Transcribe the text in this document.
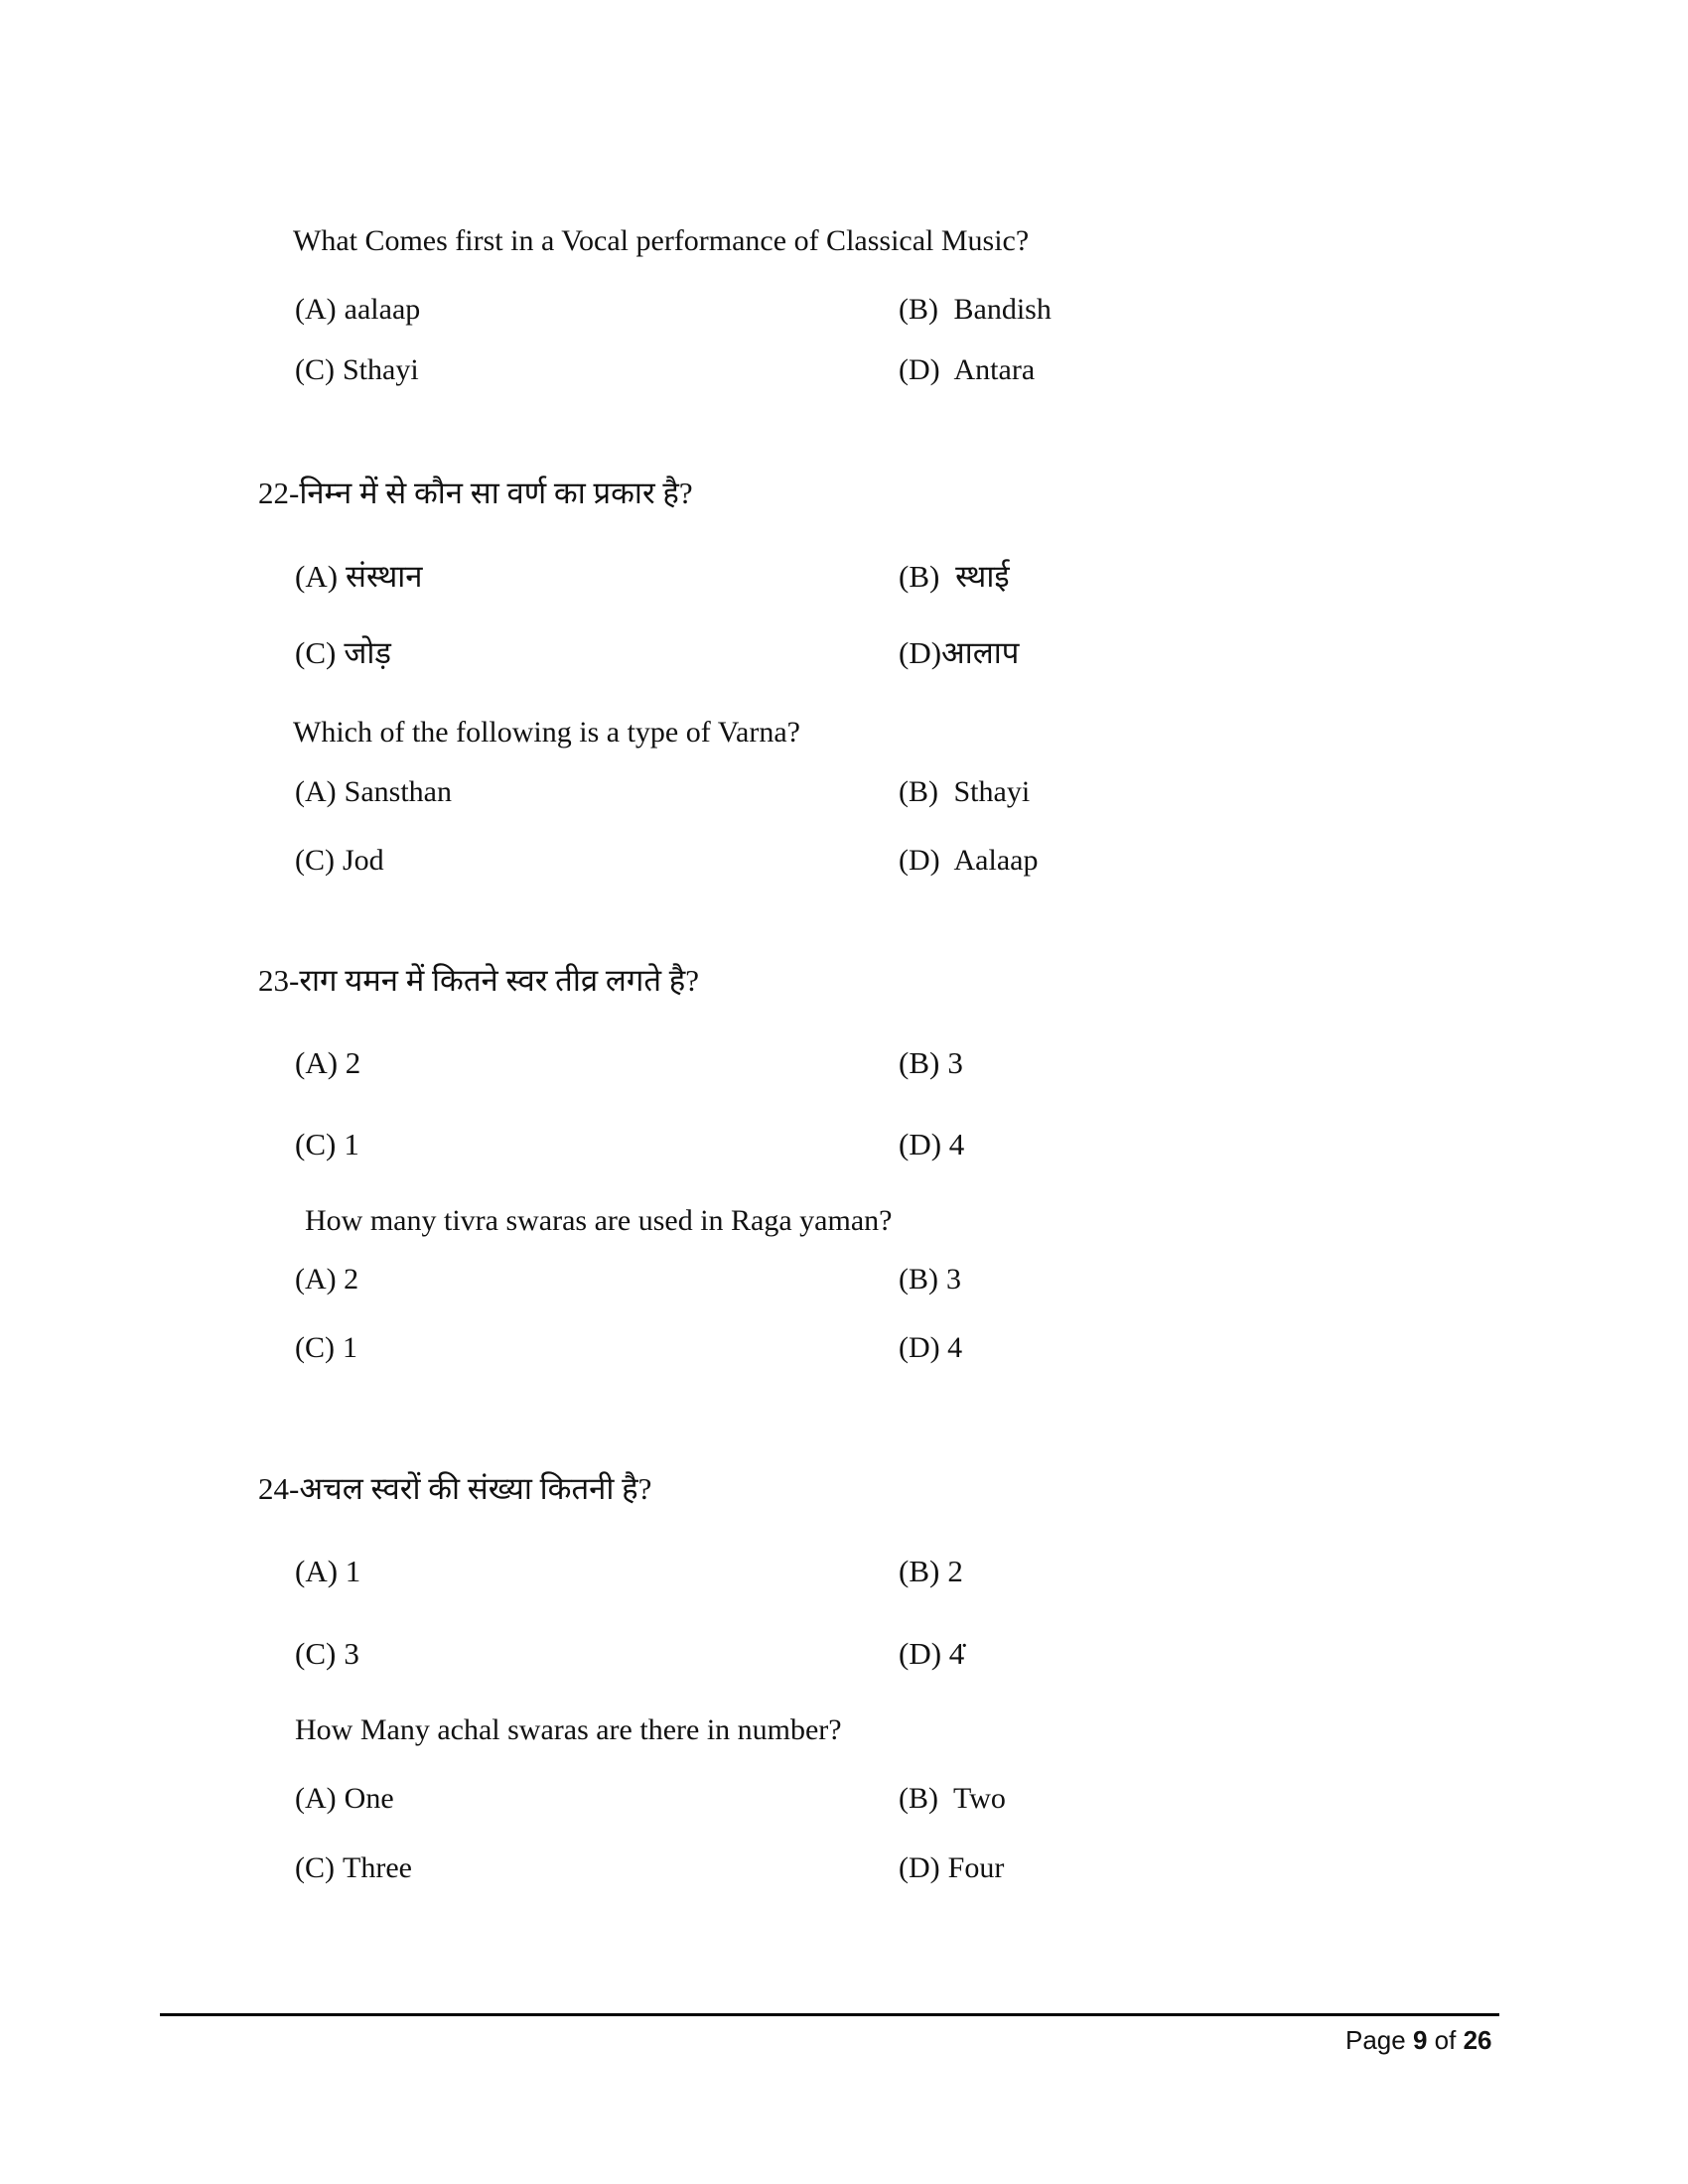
What Comes first in a Vocal performance of Classical Music?
(A) aalaap	(B) Bandish
(C) Sthayi	(D) Antara
22-निम्न में से कौन सा वर्ण का प्रकार है?
(A) संस्थान	(B) स्थाई
(C) जोड़	(D)आलाप
Which of the following is a type of Varna?
(A) Sansthan	(B) Sthayi
(C) Jod	(D) Aalaap
23-राग यमन में कितने स्वर तीव्र लगते है?
(A) 2	(B) 3
(C) 1	(D) 4
How many tivra swaras are used in Raga yaman?
(A) 2	(B) 3
(C) 1	(D) 4
24-अचल स्वरों की संख्या कितनी है?
(A) 1	(B) 2
(C) 3	(D) 4̇
How Many achal swaras are there in number?
(A) One	(B) Two
(C) Three	(D) Four
Page 9 of 26
